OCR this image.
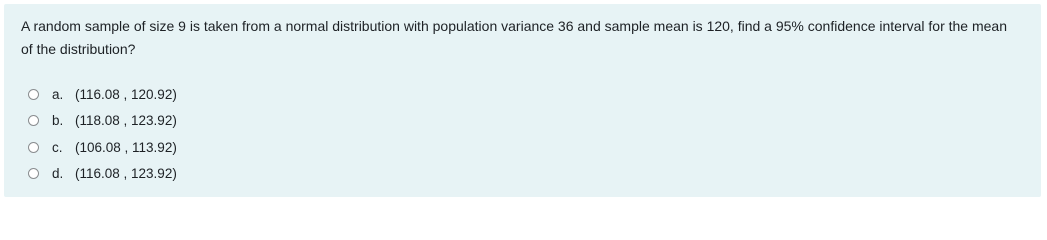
A random sample of size 9 is taken from a normal distribution with population variance 36 and sample mean is 120, find a 95% confidence interval for the mean of the distribution?

a. (116.08 , 120.92)
b. (118.08 , 123.92)
c. (106.08 , 113.92)
d. (116.08 , 123.92)
